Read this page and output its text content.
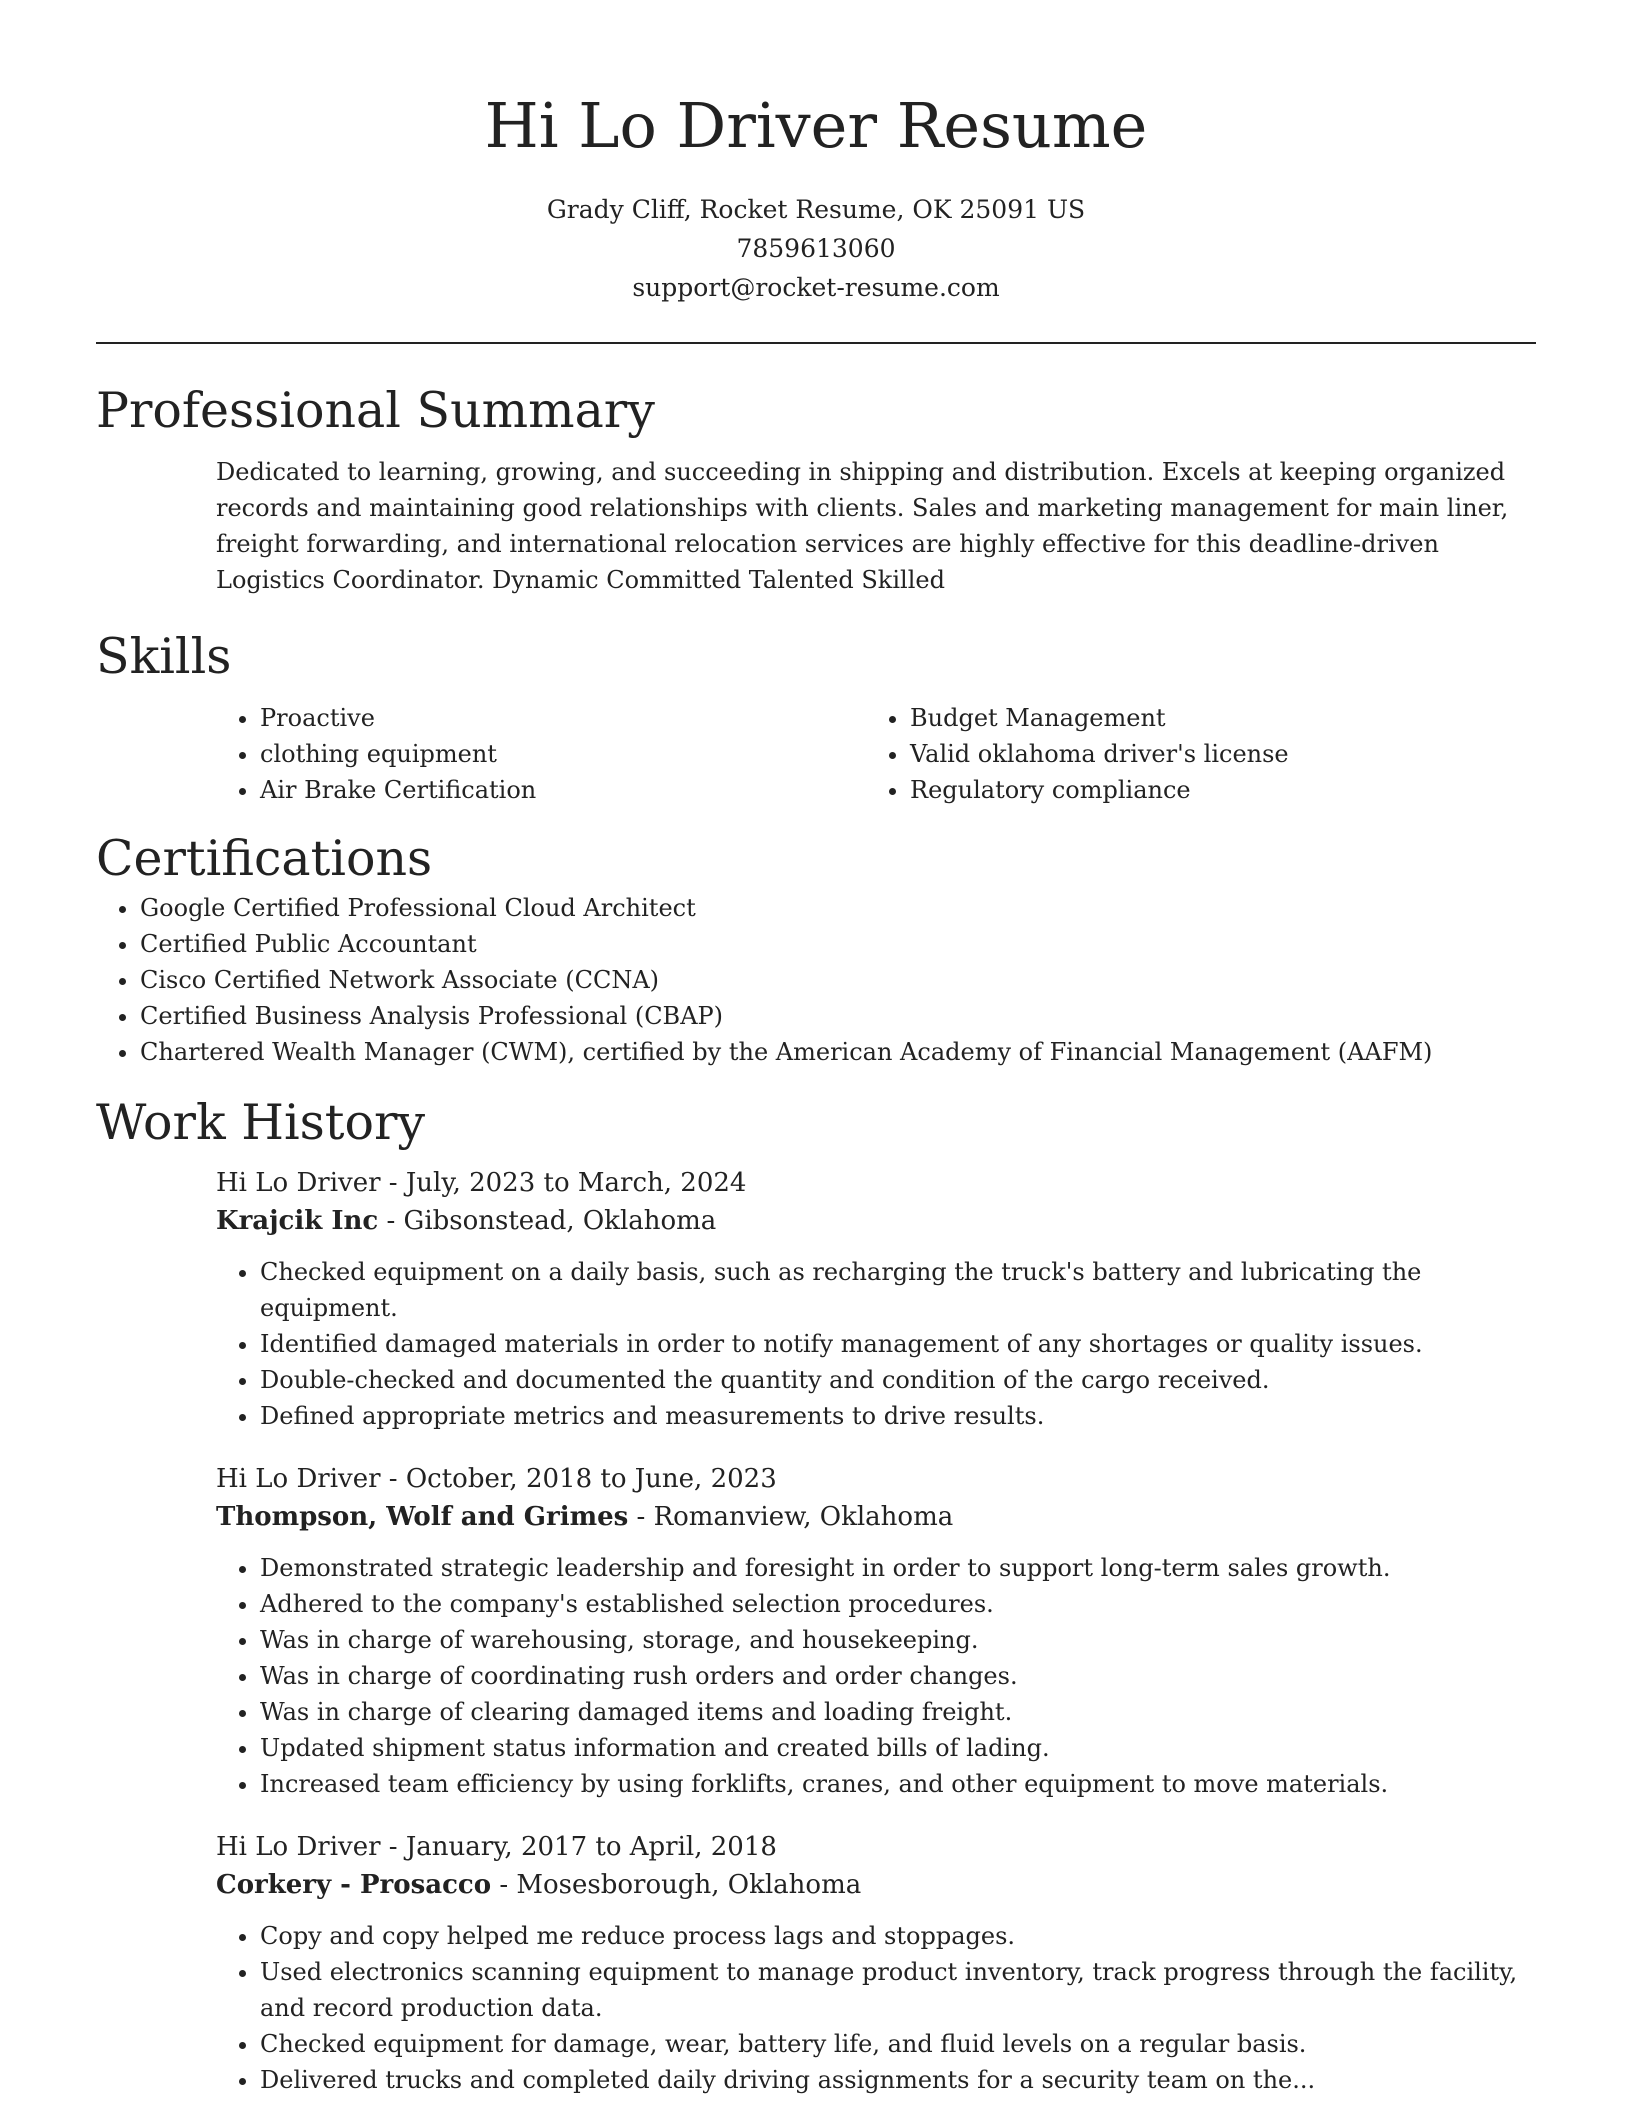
Hi Lo Driver Resume
Grady Cliff, Rocket Resume, OK 25091 US
7859613060
support@rocket-resume.com
Professional Summary

Dedicated to learning, growing, and succeeding in shipping and distribution. Excels at keeping organized records and maintaining good relationships with clients. Sales and marketing management for main liner, freight forwarding, and international relocation services are highly effective for this deadline-driven Logistics Coordinator. Dynamic Committed Talented Skilled

Skills
• Proactive
• clothing equipment
• Air Brake Certification
• Budget Management
• Valid oklahoma driver's license
• Regulatory compliance
Certifications
• Google Certified Professional Cloud Architect
• Certified Public Accountant
• Cisco Certified Network Associate (CCNA)
• Certified Business Analysis Professional (CBAP)
• Chartered Wealth Manager (CWM), certified by the American Academy of Financial Management (AAFM)
Work History
Hi Lo Driver - July, 2023 to March, 2024
Krajcik Inc - Gibsonstead, Oklahoma
• Checked equipment on a daily basis, such as recharging the truck's battery and lubricating the equipment.
• Identified damaged materials in order to notify management of any shortages or quality issues.
• Double-checked and documented the quantity and condition of the cargo received.
• Defined appropriate metrics and measurements to drive results.
Hi Lo Driver - October, 2018 to June, 2023
Thompson, Wolf and Grimes - Romanview, Oklahoma
• Demonstrated strategic leadership and foresight in order to support long-term sales growth.
• Adhered to the company's established selection procedures.
• Was in charge of warehousing, storage, and housekeeping.
• Was in charge of coordinating rush orders and order changes.
• Was in charge of clearing damaged items and loading freight.
• Updated shipment status information and created bills of lading.
• Increased team efficiency by using forklifts, cranes, and other equipment to move materials.
Hi Lo Driver - January, 2017 to April, 2018
Corkery - Prosacco - Mosesborough, Oklahoma
• Copy and copy helped me reduce process lags and stoppages.
• Used electronics scanning equipment to manage product inventory, track progress through the facility, and record production data.
• Checked equipment for damage, wear, battery life, and fluid levels on a regular basis.
• Delivered trucks and completed daily driving assignments for a security team on the...
